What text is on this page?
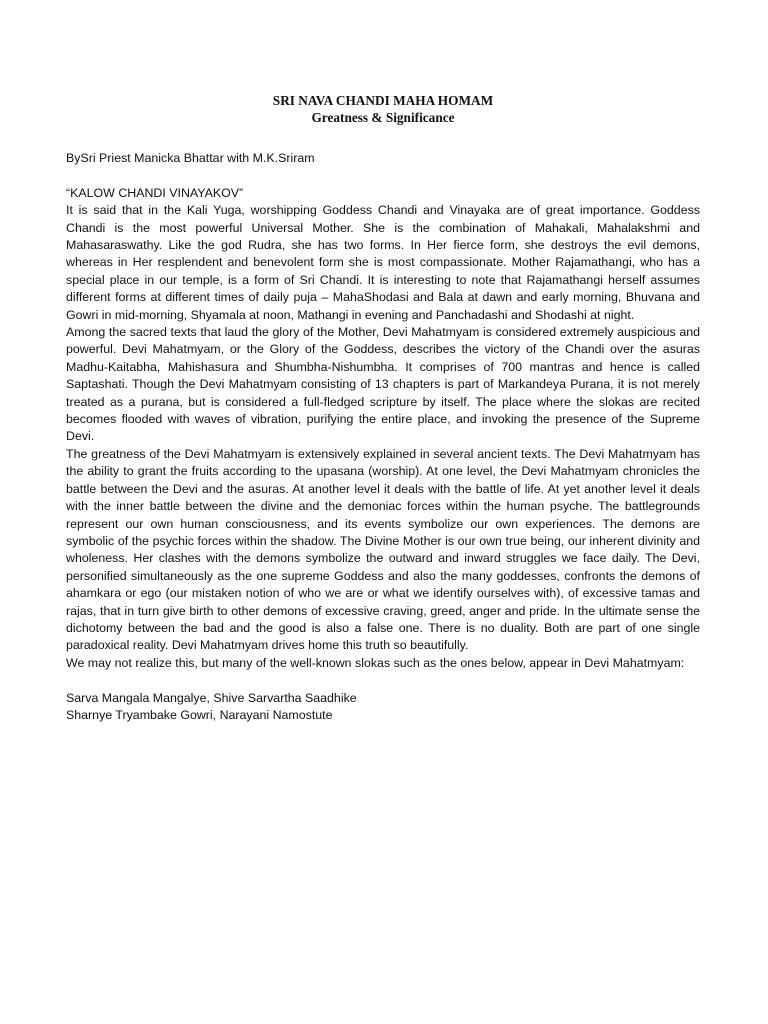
SRI NAVA CHANDI MAHA HOMAM
Greatness & Significance
BySri Priest Manicka Bhattar with M.K.Sriram
“KALOW CHANDI VINAYAKOV”

It is said that in the Kali Yuga, worshipping Goddess Chandi and Vinayaka are of great importance. Goddess Chandi is the most powerful Universal Mother. She is the combination of Mahakali, Mahalakshmi and Mahasaraswathy. Like the god Rudra, she has two forms. In Her fierce form, she destroys the evil demons, whereas in Her resplendent and benevolent form she is most compassionate. Mother Rajamathangi, who has a special place in our temple, is a form of Sri Chandi. It is interesting to note that Rajamathangi herself assumes different forms at different times of daily puja – MahaShodasi and Bala at dawn and early morning, Bhuvana and Gowri in mid-morning, Shyamala at noon, Mathangi in evening and Panchadashi and Shodashi at night.

Among the sacred texts that laud the glory of the Mother, Devi Mahatmyam is considered extremely auspicious and powerful. Devi Mahatmyam, or the Glory of the Goddess, describes the victory of the Chandi over the asuras Madhu-Kaitabha, Mahishasura and Shumbha-Nishumbha. It comprises of 700 mantras and hence is called Saptashati. Though the Devi Mahatmyam consisting of 13 chapters is part of Markandeya Purana, it is not merely treated as a purana, but is considered a full-fledged scripture by itself. The place where the slokas are recited becomes flooded with waves of vibration, purifying the entire place, and invoking the presence of the Supreme Devi.

The greatness of the Devi Mahatmyam is extensively explained in several ancient texts. The Devi Mahatmyam has the ability to grant the fruits according to the upasana (worship). At one level, the Devi Mahatmyam chronicles the battle between the Devi and the asuras. At another level it deals with the battle of life. At yet another level it deals with the inner battle between the divine and the demoniac forces within the human psyche. The battlegrounds represent our own human consciousness, and its events symbolize our own experiences. The demons are symbolic of the psychic forces within the shadow. The Divine Mother is our own true being, our inherent divinity and wholeness. Her clashes with the demons symbolize the outward and inward struggles we face daily. The Devi, personified simultaneously as the one supreme Goddess and also the many goddesses, confronts the demons of ahamkara or ego (our mistaken notion of who we are or what we identify ourselves with), of excessive tamas and rajas, that in turn give birth to other demons of excessive craving, greed, anger and pride. In the ultimate sense the dichotomy between the bad and the good is also a false one. There is no duality. Both are part of one single paradoxical reality. Devi Mahatmyam drives home this truth so beautifully.

We may not realize this, but many of the well-known slokas such as the ones below, appear in Devi Mahatmyam:

Sarva Mangala Mangalye, Shive Sarvartha Saadhike
Sharnye Tryambake Gowri, Narayani Namostute
